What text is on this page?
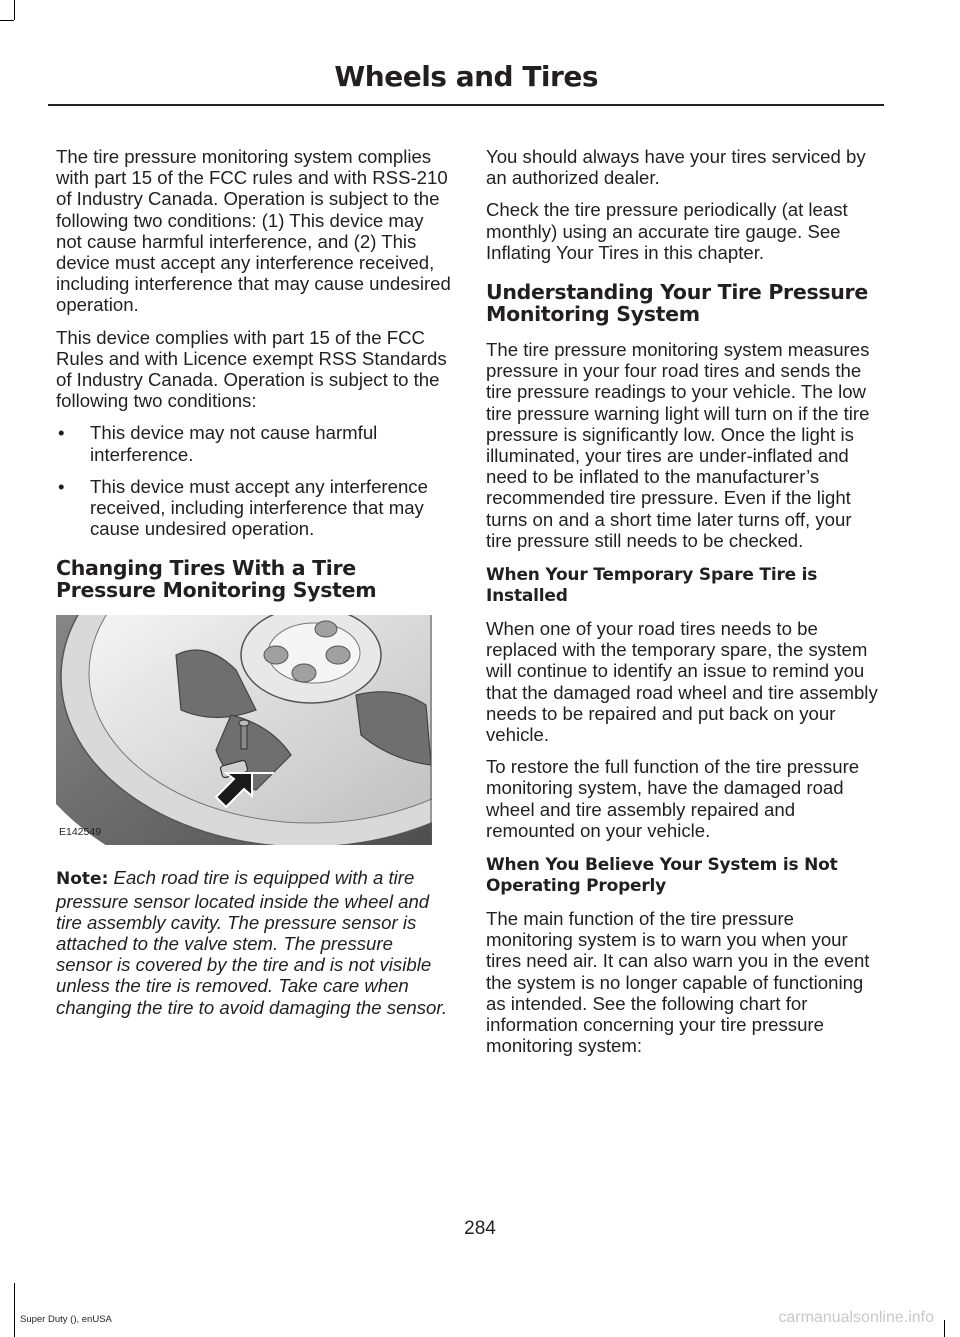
Wheels and Tires

The tire pressure monitoring system complies with part 15 of the FCC rules and with RSS-210 of Industry Canada. Operation is subject to the following two conditions: (1) This device may not cause harmful interference, and (2) This device must accept any interference received, including interference that may cause undesired operation.

This device complies with part 15 of the FCC Rules and with Licence exempt RSS Standards of Industry Canada. Operation is subject to the following two conditions:

• This device may not cause harmful interference.
• This device must accept any interference received, including interference that may cause undesired operation.
Changing Tires With a Tire Pressure Monitoring System
E142549

Note: Each road tire is equipped with a tire pressure sensor located inside the wheel and tire assembly cavity. The pressure sensor is attached to the valve stem. The pressure sensor is covered by the tire and is not visible unless the tire is removed. Take care when changing the tire to avoid damaging the sensor.

You should always have your tires serviced by an authorized dealer.

Check the tire pressure periodically (at least monthly) using an accurate tire gauge. See Inflating Your Tires in this chapter.

Understanding Your Tire Pressure Monitoring System

The tire pressure monitoring system measures pressure in your four road tires and sends the tire pressure readings to your vehicle. The low tire pressure warning light will turn on if the tire pressure is significantly low. Once the light is illuminated, your tires are under-inflated and need to be inflated to the manufacturer’s recommended tire pressure. Even if the light turns on and a short time later turns off, your tire pressure still needs to be checked.

When Your Temporary Spare Tire is Installed

When one of your road tires needs to be replaced with the temporary spare, the system will continue to identify an issue to remind you that the damaged road wheel and tire assembly needs to be repaired and put back on your vehicle.

To restore the full function of the tire pressure monitoring system, have the damaged road wheel and tire assembly repaired and remounted on your vehicle.

When You Believe Your System is Not Operating Properly

The main function of the tire pressure monitoring system is to warn you when your tires need air. It can also warn you in the event the system is no longer capable of functioning as intended. See the following chart for information concerning your tire pressure monitoring system:

284
Super Duty (), enUSA	carmanualsonline.info
